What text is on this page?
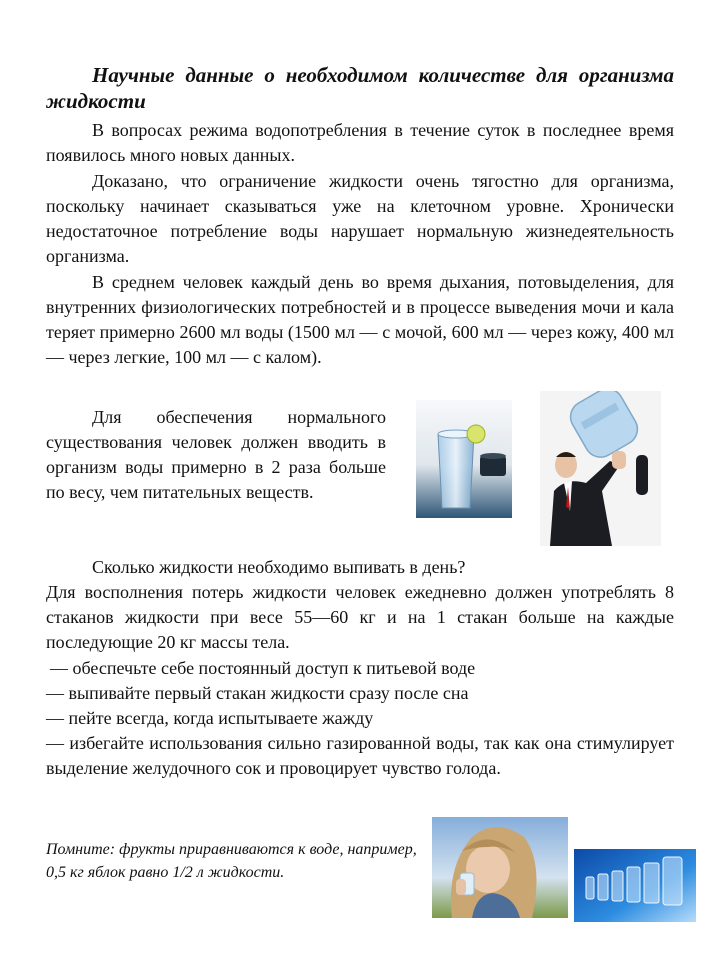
Научные данные о необходимом количестве для организма жидкости

В вопросах режима водопотребления в течение суток в последнее время появилось много новых данных.

Доказано, что ограничение жидкости очень тягостно для организма, поскольку начинает сказываться уже на клеточном уровне. Хронически недостаточное потребление воды нарушает нормальную жизнедеятельность организма.

В среднем человек каждый день во время дыхания, потовыделения, для внутренних физиологических потребностей и в процессе выведения мочи и кала теряет примерно 2600 мл воды (1500 мл — с мочой, 600 мл — через кожу, 400 мл — через легкие, 100 мл — с калом).

Для обеспечения нормального существования человек должен вводить в организм воды примерно в 2 раза больше по весу, чем питательных веществ.

Сколько жидкости необходимо выпивать в день?

Для восполнения потерь жидкости человек ежедневно должен употреблять 8 стаканов жидкости при весе 55—60 кг и на 1 стакан больше на каждые последующие 20 кг массы тела.

— обеспечьте себе постоянный доступ к питьевой воде

— выпивайте первый стакан жидкости сразу после сна

— пейте всегда, когда испытываете жажду

— избегайте использования сильно газированной воды, так как она стимулирует выделение желудочного сок и провоцирует чувство голода.

Помните: фрукты приравниваются к воде, например, 0,5 кг яблок равно 1/2 л жидкости.
